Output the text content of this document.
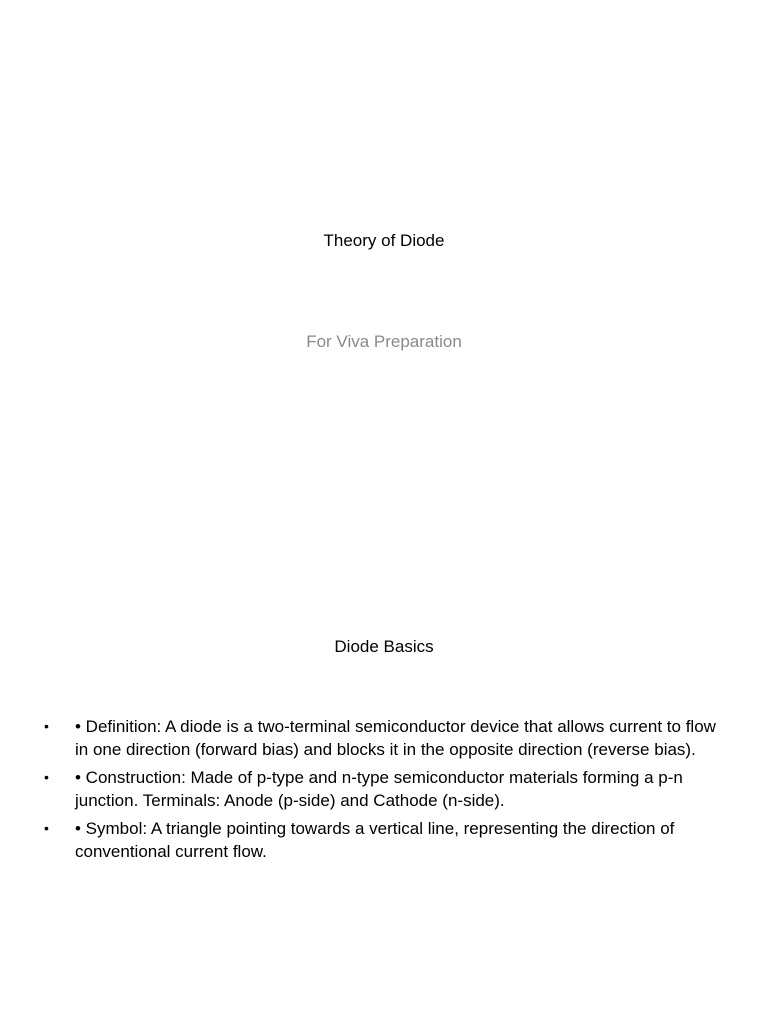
Theory of Diode
For Viva Preparation
Diode Basics
• • Definition: A diode is a two-terminal semiconductor device that allows current to flow in one direction (forward bias) and blocks it in the opposite direction (reverse bias).
• • Construction: Made of p-type and n-type semiconductor materials forming a p-n junction. Terminals: Anode (p-side) and Cathode (n-side).
• • Symbol: A triangle pointing towards a vertical line, representing the direction of conventional current flow.
